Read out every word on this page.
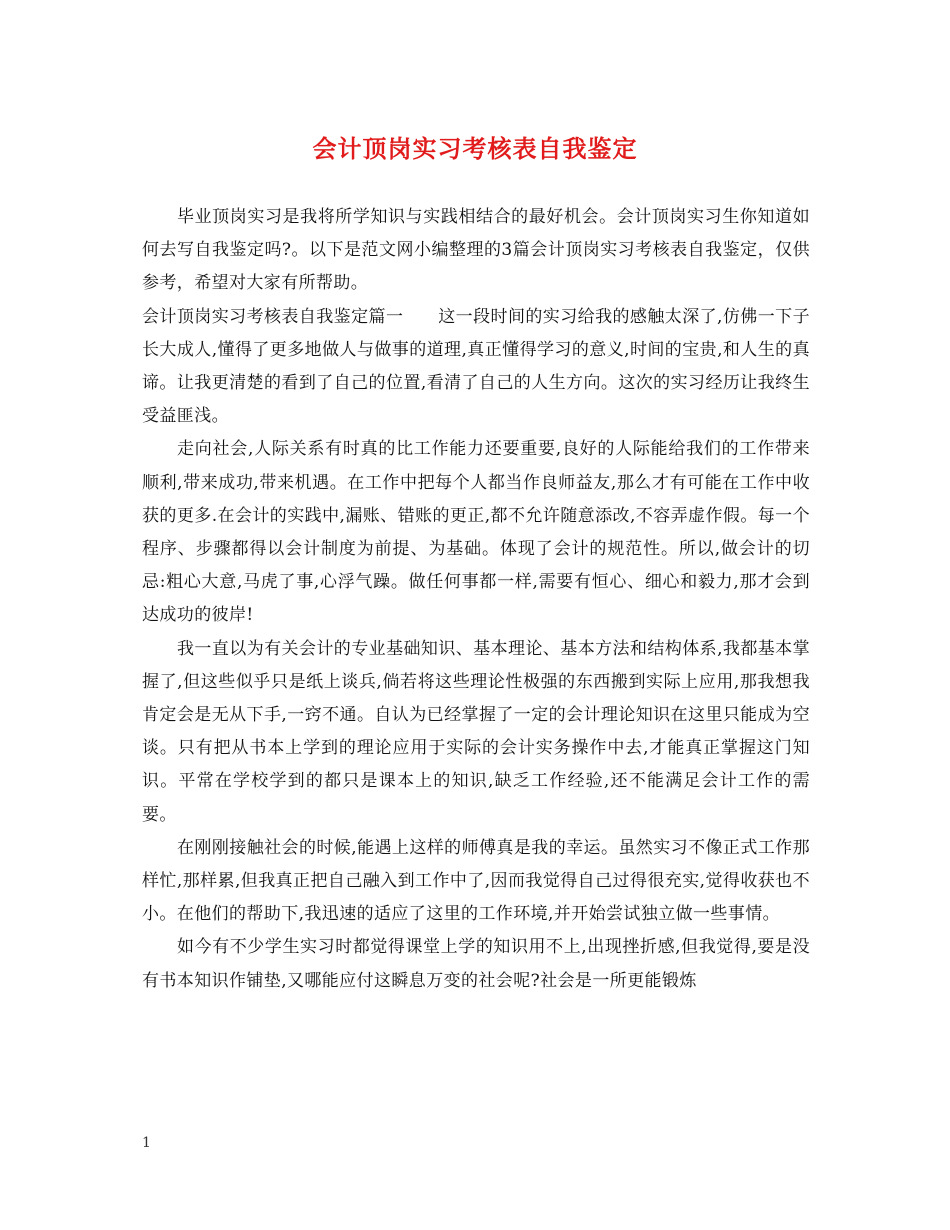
会计顶岗实习考核表自我鉴定

毕业顶岗实习是我将所学知识与实践相结合的最好机会。会计顶岗实习生你知道如何去写自我鉴定吗?。以下是范文网小编整理的3篇会计顶岗实习考核表自我鉴定，仅供参考，希望对大家有所帮助。

会计顶岗实习考核表自我鉴定篇一　　这一段时间的实习给我的感触太深了,仿佛一下子长大成人,懂得了更多地做人与做事的道理,真正懂得学习的意义,时间的宝贵,和人生的真谛。让我更清楚的看到了自己的位置,看清了自己的人生方向。这次的实习经历让我终生受益匪浅。

走向社会,人际关系有时真的比工作能力还要重要,良好的人际能给我们的工作带来顺利,带来成功,带来机遇。在工作中把每个人都当作良师益友,那么才有可能在工作中收获的更多.在会计的实践中,漏账、错账的更正,都不允许随意添改,不容弄虚作假。每一个程序、步骤都得以会计制度为前提、为基础。体现了会计的规范性。所以,做会计的切忌:粗心大意,马虎了事,心浮气躁。做任何事都一样,需要有恒心、细心和毅力,那才会到达成功的彼岸!

我一直以为有关会计的专业基础知识、基本理论、基本方法和结构体系,我都基本掌握了,但这些似乎只是纸上谈兵,倘若将这些理论性极强的东西搬到实际上应用,那我想我肯定会是无从下手,一窍不通。自认为已经掌握了一定的会计理论知识在这里只能成为空谈。只有把从书本上学到的理论应用于实际的会计实务操作中去,才能真正掌握这门知识。平常在学校学到的都只是课本上的知识,缺乏工作经验,还不能满足会计工作的需要。

在刚刚接触社会的时候,能遇上这样的师傅真是我的幸运。虽然实习不像正式工作那样忙,那样累,但我真正把自己融入到工作中了,因而我觉得自己过得很充实,觉得收获也不小。在他们的帮助下,我迅速的适应了这里的工作环境,并开始尝试独立做一些事情。

如今有不少学生实习时都觉得课堂上学的知识用不上,出现挫折感,但我觉得,要是没有书本知识作铺垫,又哪能应付这瞬息万变的社会呢?社会是一所更能锻炼

1
